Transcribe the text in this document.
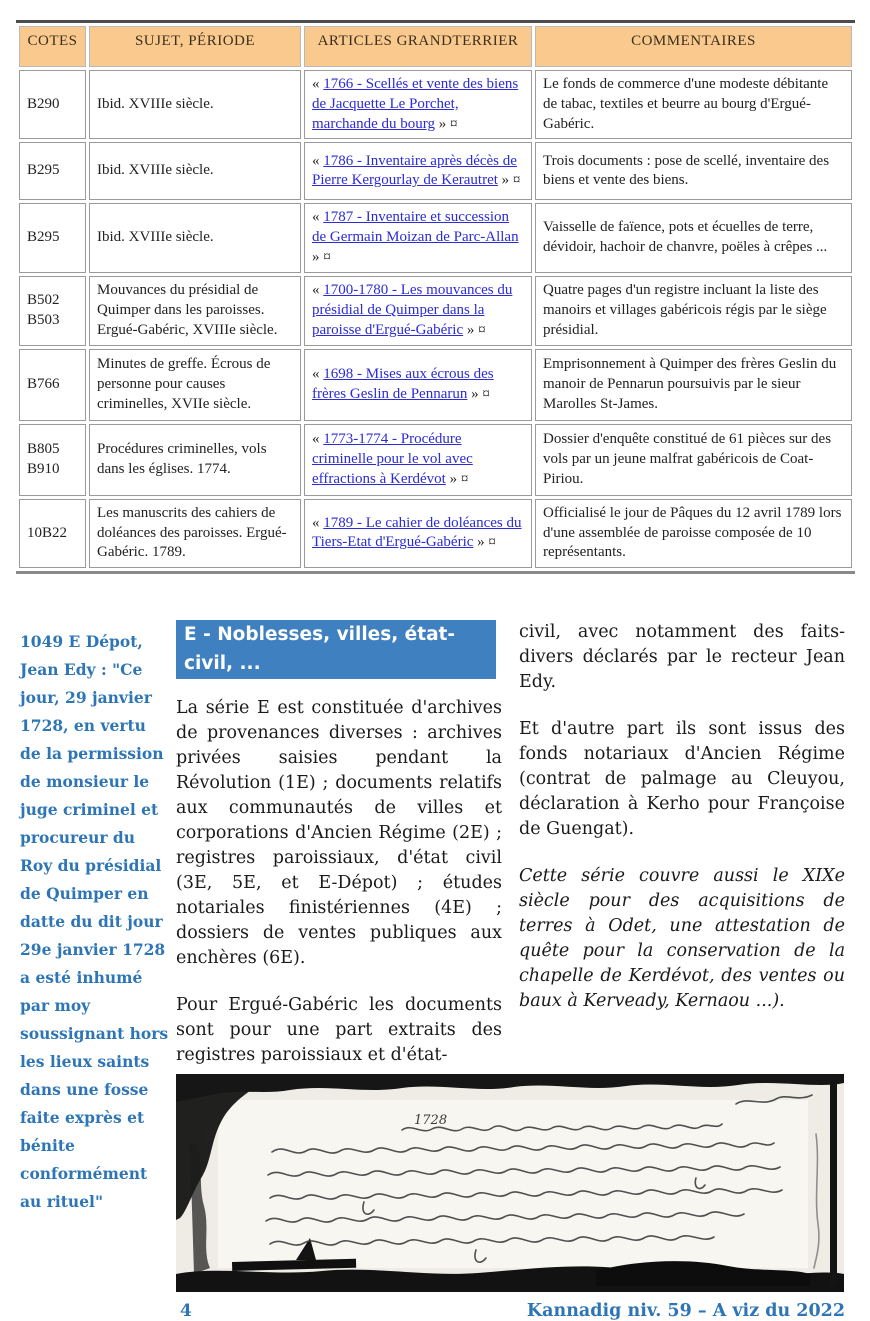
COTES	SUJET, PÉRIODE	ARTICLES GRANDTERRIER	COMMENTAIRES
B290	Ibid. XVIIIe siècle.	« 1766 - Scellés et vente des biens de Jacquette Le Porchet, marchande du bourg » ¤	Le fonds de commerce d'une modeste débitante de tabac, textiles et beurre au bourg d'Ergué-Gabéric.
B295	Ibid. XVIIIe siècle.	« 1786 - Inventaire après décès de Pierre Kergourlay de Kerautret » ¤	Trois documents : pose de scellé, inventaire des biens et vente des biens.
B295	Ibid. XVIIIe siècle.	« 1787 - Inventaire et succession de Germain Moizan de Parc-Allan » ¤	Vaisselle de faïence, pots et écuelles de terre, dévidoir, hachoir de chanvre, poëles à crêpes ...
B502 B503	Mouvances du présidial de Quimper dans les paroisses. Ergué-Gabéric, XVIIIe siècle.	« 1700-1780 - Les mouvances du présidial de Quimper dans la paroisse d'Ergué-Gabéric » ¤	Quatre pages d'un registre incluant la liste des manoirs et villages gabéricois régis par le siège présidial.
B766	Minutes de greffe. Écrous de personne pour causes criminelles, XVIIe siècle.	« 1698 - Mises aux écrous des frères Geslin de Pennarun » ¤	Emprisonnement à Quimper des frères Geslin du manoir de Pennarun poursuivis par le sieur Marolles St-James.
B805 B910	Procédures criminelles, vols dans les églises. 1774.	« 1773-1774 - Procédure criminelle pour le vol avec effractions à Kerdévot » ¤	Dossier d'enquête constitué de 61 pièces sur des vols par un jeune malfrat gabéricois de Coat-Piriou.
10B22	Les manuscrits des cahiers de doléances des paroisses. Ergué-Gabéric. 1789.	« 1789 - Le cahier de doléances du Tiers-Etat d'Ergué-Gabéric » ¤	Officialisé le jour de Pâques du 12 avril 1789 lors d'une assemblée de paroisse composée de 10 représentants.
1049 E Dépot, Jean Edy : "Ce jour, 29 janvier 1728, en vertu de la permission de monsieur le juge criminel et procureur du Roy du présidial de Quimper en datte du dit jour 29e janvier 1728 a esté inhumé par moy soussignant hors les lieux saints dans une fosse faite exprès et bénite conformément au rituel"
E - Noblesses, villes, état-civil, ...

La série E est constituée d'archives de provenances diverses : archives privées saisies pendant la Révolution (1E) ; documents relatifs aux communautés de villes et corporations d'Ancien Régime (2E) ; registres paroissiaux, d'état civil (3E, 5E, et E-Dépot) ; études notariales finistériennes (4E) ; dossiers de ventes publiques aux enchères (6E).

Pour Ergué-Gabéric les documents sont pour une part extraits des registres paroissiaux et d'état-

civil, avec notamment des faits-divers déclarés par le recteur Jean Edy.

Et d'autre part ils sont issus des fonds notariaux d'Ancien Régime (contrat de palmage au Cleuyou, déclaration à Kerho pour Françoise de Guengat).

Cette série couvre aussi le XIXe siècle pour des acquisitions de terres à Odet, une attestation de quête pour la conservation de la chapelle de Kerdévot, des ventes ou baux à Kerveady, Kernaou ...).

1728
4	Kannadig niv. 59 – A viz du 2022
